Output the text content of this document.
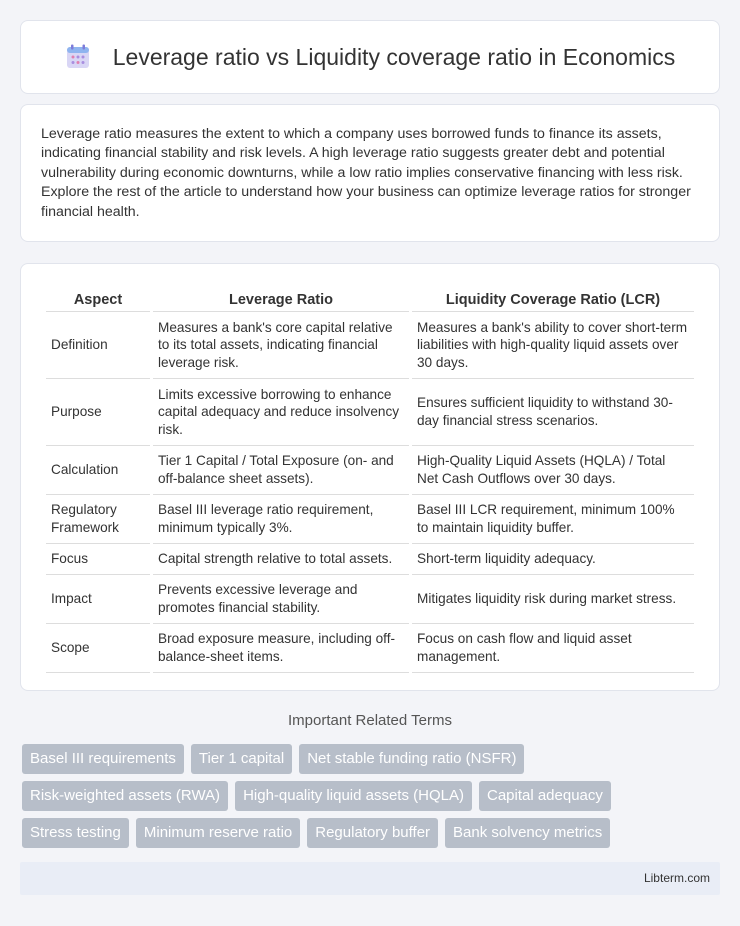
Leverage ratio vs Liquidity coverage ratio in Economics

Leverage ratio measures the extent to which a company uses borrowed funds to finance its assets, indicating financial stability and risk levels. A high leverage ratio suggests greater debt and potential vulnerability during economic downturns, while a low ratio implies conservative financing with less risk. Explore the rest of the article to understand how your business can optimize leverage ratios for stronger financial health.

Aspect	Leverage Ratio	Liquidity Coverage Ratio (LCR)
Definition	Measures a bank's core capital relative to its total assets, indicating financial leverage risk.	Measures a bank's ability to cover short-term liabilities with high-quality liquid assets over 30 days.
Purpose	Limits excessive borrowing to enhance capital adequacy and reduce insolvency risk.	Ensures sufficient liquidity to withstand 30-day financial stress scenarios.
Calculation	Tier 1 Capital / Total Exposure (on- and off-balance sheet assets).	High-Quality Liquid Assets (HQLA) / Total Net Cash Outflows over 30 days.
Regulatory Framework	Basel III leverage ratio requirement, minimum typically 3%.	Basel III LCR requirement, minimum 100% to maintain liquidity buffer.
Focus	Capital strength relative to total assets.	Short-term liquidity adequacy.
Impact	Prevents excessive leverage and promotes financial stability.	Mitigates liquidity risk during market stress.
Scope	Broad exposure measure, including off-balance-sheet items.	Focus on cash flow and liquid asset management.
Important Related Terms
Basel III requirements	Tier 1 capital	Net stable funding ratio (NSFR)
Risk-weighted assets (RWA)	High-quality liquid assets (HQLA)	Capital adequacy
Stress testing	Minimum reserve ratio	Regulatory buffer	Bank solvency metrics
Libterm.com
